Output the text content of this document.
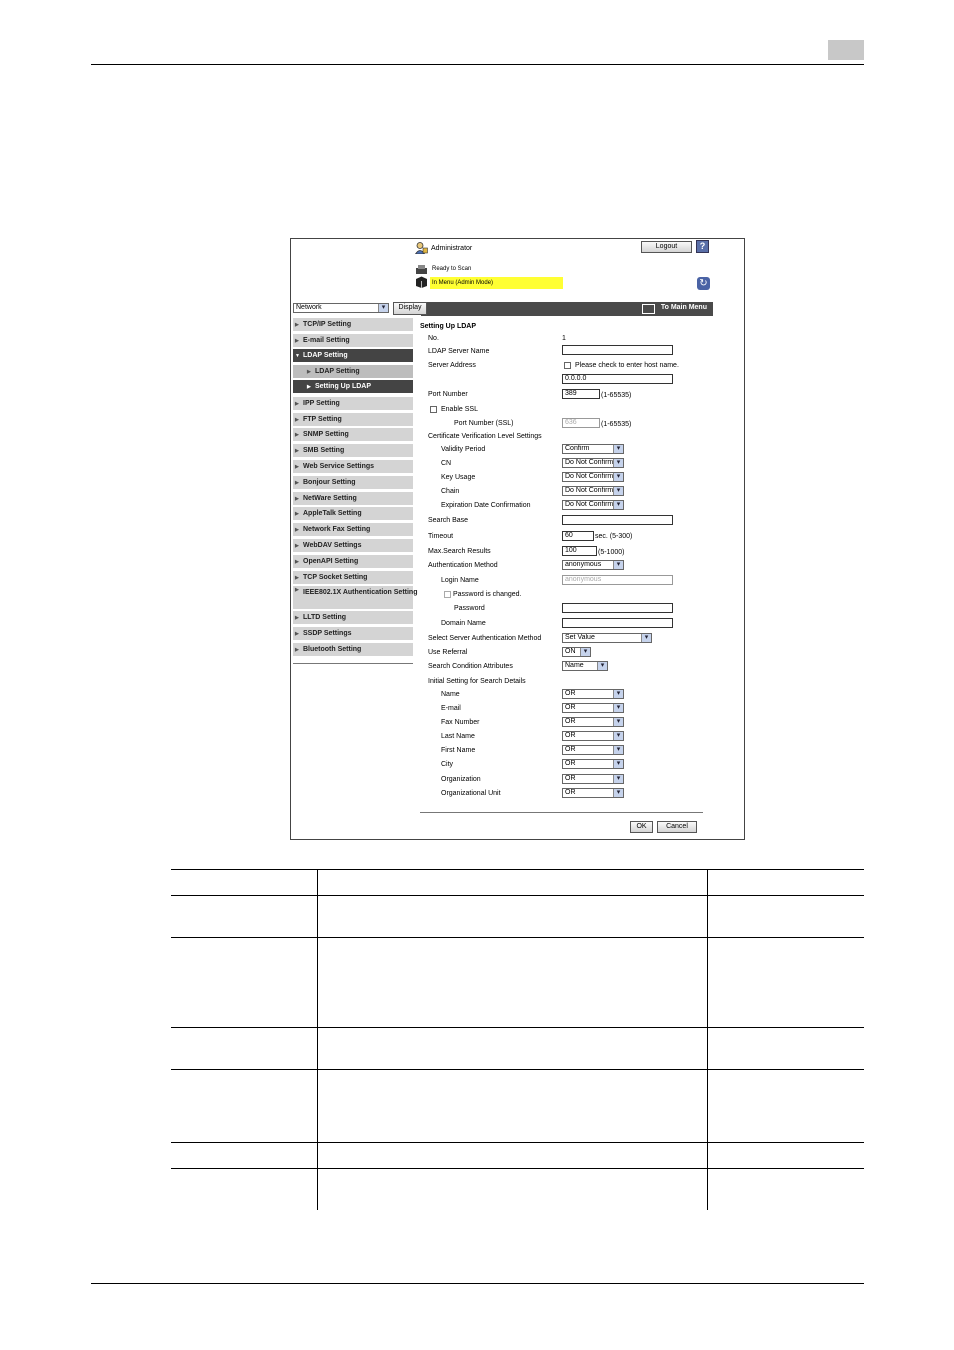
Administrator	Logout	?
Ready to Scan
In Menu (Admin Mode)	↻
To Main Menu
Network ▾	Display
▶ TCP/IP Setting
▶ E-mail Setting
▼ LDAP Setting
▶ LDAP Setting
▶ Setting Up LDAP
▶ IPP Setting
▶ FTP Setting
▶ SNMP Setting
▶ SMB Setting
▶ Web Service Settings
▶ Bonjour Setting
▶ NetWare Setting
▶ AppleTalk Setting
▶ Network Fax Setting
▶ WebDAV Settings
▶ OpenAPI Setting
▶ TCP Socket Setting
▶ IEEE802.1X Authentication Setting
▶ LLTD Setting
▶ SSDP Settings
▶ Bluetooth Setting
Setting Up LDAP
No.	1
LDAP Server Name
Server Address	Please check to enter host name.
0.0.0.0
Port Number	389	(1-65535)
Enable SSL
Port Number (SSL)	636	(1-65535)
Certificate Verification Level Settings
Validity Period	Confirm ▾
CN	Do Not Confirm ▾
Key Usage	Do Not Confirm ▾
Chain	Do Not Confirm ▾
Expiration Date Confirmation	Do Not Confirm ▾
Search Base
Timeout	60	sec. (5-300)
Max.Search Results	100	(5-1000)
Authentication Method	anonymous ▾
Login Name	anonymous
Password is changed.
Password
Domain Name
Select Server Authentication Method	Set Value ▾
Use Referral	ON ▾
Search Condition Attributes	Name ▾
Initial Setting for Search Details
Name	OR ▾
E-mail	OR ▾
Fax Number	OR ▾
Last Name	OR ▾
First Name	OR ▾
City	OR ▾
Organization	OR ▾
Organizational Unit	OR ▾
OK	Cancel
